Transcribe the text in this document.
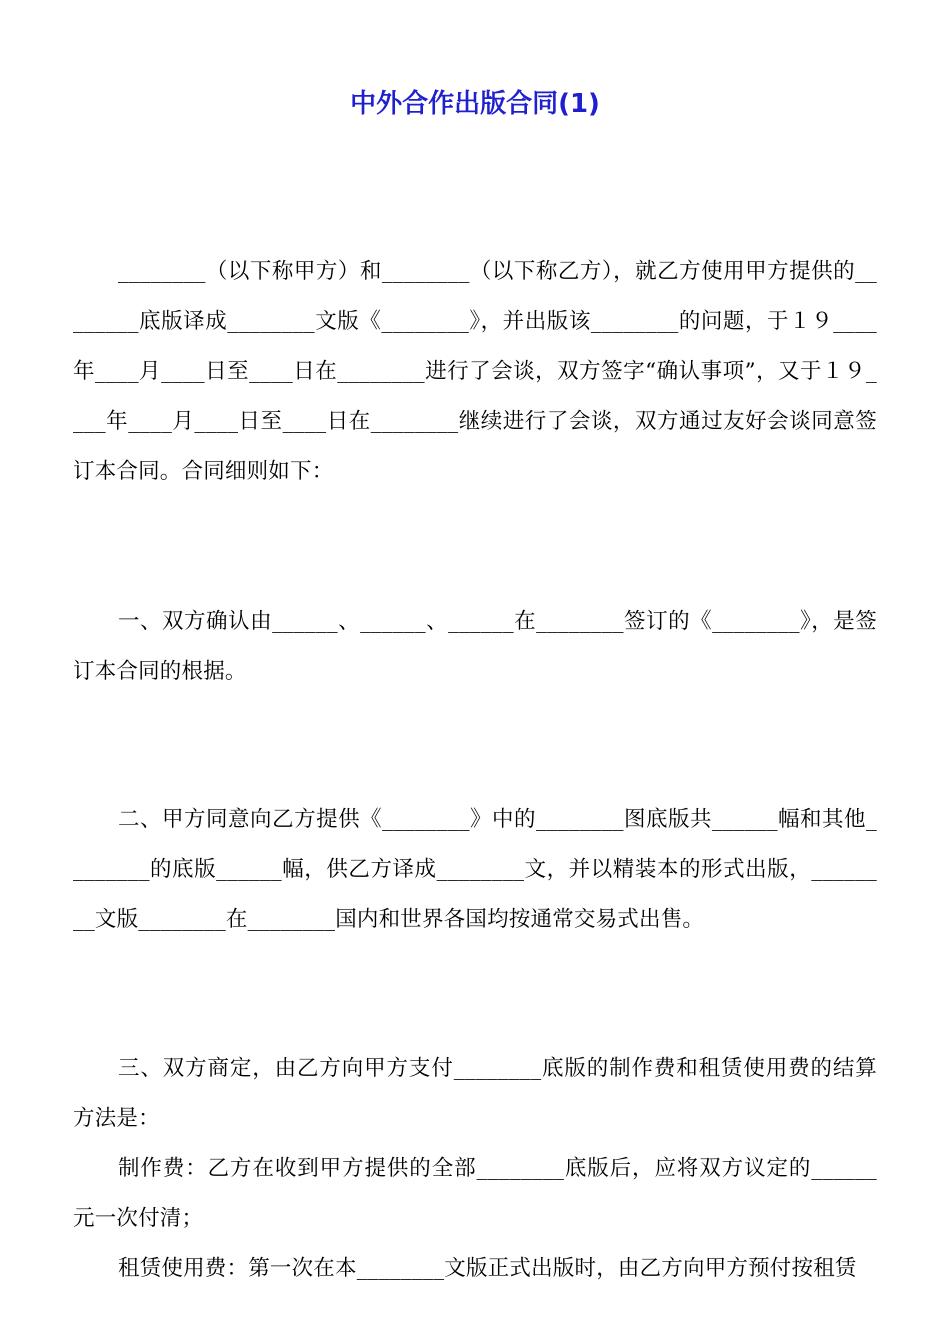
中外合作出版合同(1)

________（以下称甲方）和________（以下称乙方），就乙方使用甲方提供的________底版译成________文版《________》，并出版该________的问题，于１９____年____月____日至____日在________进行了会谈，双方签字“确认事项”，又于１９____年____月____日至____日在________继续进行了会谈，双方通过友好会谈同意签订本合同。合同细则如下：

一、双方确认由______、______、______在________签订的《________》，是签订本合同的根据。

二、甲方同意向乙方提供《________》中的________图底版共______幅和其他________的底版______幅，供乙方译成________文，并以精装本的形式出版，________文版________在________国内和世界各国均按通常交易式出售。

三、双方商定，由乙方向甲方支付________底版的制作费和租赁使用费的结算方法是：

制作费：乙方在收到甲方提供的全部________底版后，应将双方议定的______元一次付清；

租赁使用费：第一次在本________文版正式出版时，由乙方向甲方预付按租赁
